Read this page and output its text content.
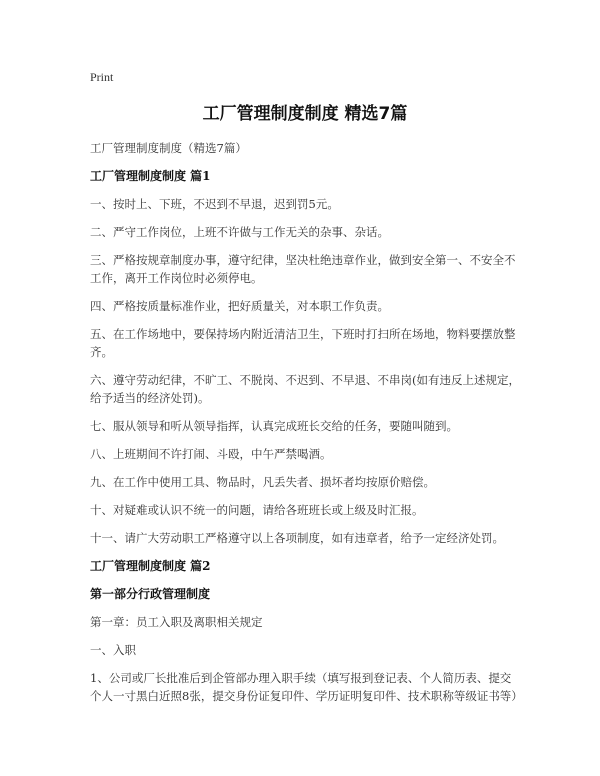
Print
工厂管理制度制度 精选7篇

工厂管理制度制度（精选7篇）

工厂管理制度制度 篇1

一、按时上、下班，不迟到不早退，迟到罚5元。

二、严守工作岗位，上班不许做与工作无关的杂事、杂话。

三、严格按规章制度办事，遵守纪律，坚决杜绝违章作业，做到安全第一、不安全不工作，离开工作岗位时必须停电。

四、严格按质量标准作业，把好质量关，对本职工作负责。

五、在工作场地中，要保持场内附近清洁卫生，下班时打扫所在场地，物料要摆放整齐。

六、遵守劳动纪律，不旷工、不脱岗、不迟到、不早退、不串岗(如有违反上述规定，给予适当的经济处罚)。

七、服从领导和听从领导指挥，认真完成班长交给的任务，要随叫随到。

八、上班期间不许打闹、斗殴，中午严禁喝酒。

九、在工作中使用工具、物品时，凡丢失者、损坏者均按原价赔偿。

十、对疑难或认识不统一的问题，请给各班班长或上级及时汇报。

十一、请广大劳动职工严格遵守以上各项制度，如有违章者，给予一定经济处罚。

工厂管理制度制度 篇2

第一部分行政管理制度

第一章：员工入职及离职相关规定

一、入职

1、公司或厂长批准后到企管部办理入职手续（填写报到登记表、个人简历表、提交个人一寸黑白近照8张，提交身份证复印件、学历证明复印件、技术职称等级证书等）
